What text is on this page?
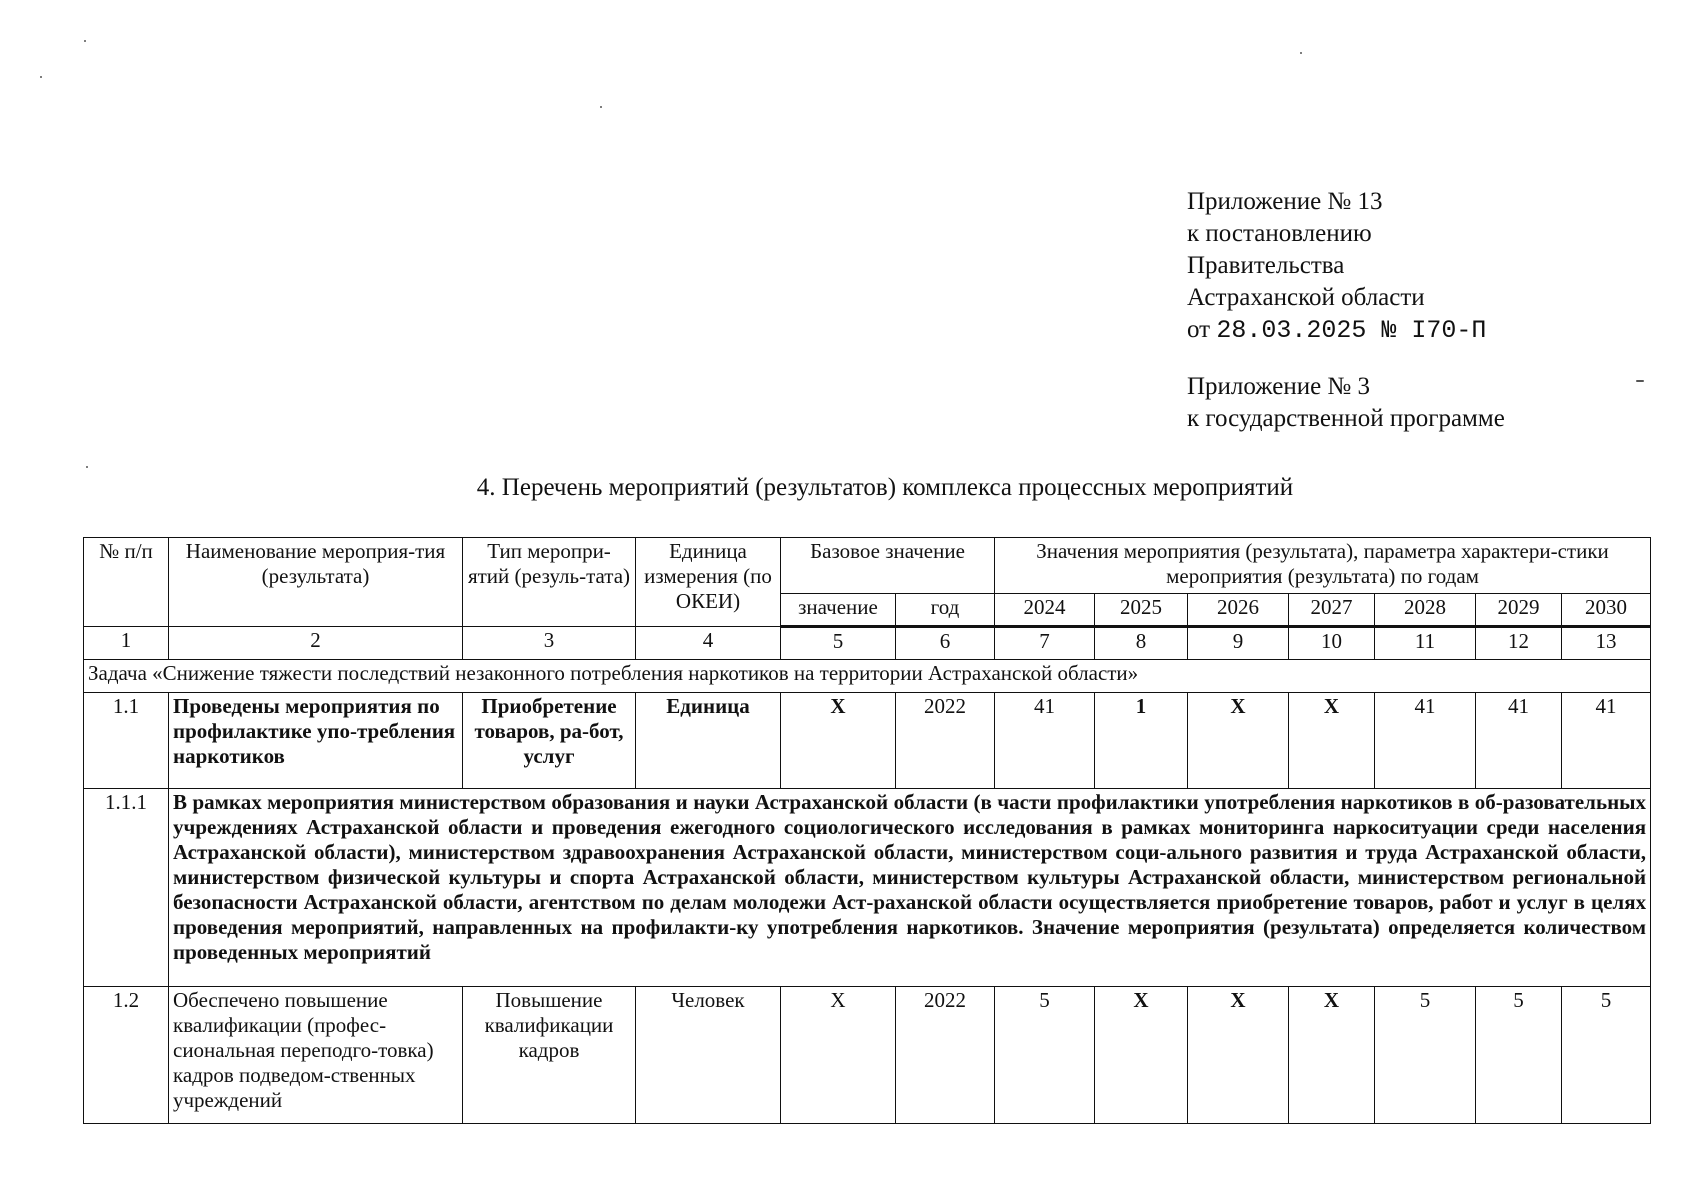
Приложение № 13
к постановлению
Правительства
Астраханской области
от 28.03.2025 № I70-П
Приложение № 3
к государственной программе
4. Перечень мероприятий (результатов) комплекса процессных мероприятий
№ п/п	Наименование мероприя-тия (результата)	Тип меропри-ятий (резуль-тата)	Единица измерения (по ОКЕИ)	Базовое значение		Значения мероприятия (результата), параметра характери-стики мероприятия (результата) по годам						
				значение	год	2024	2025	2026	2027	2028	2029	2030
1	2	3	4	5	6	7	8	9	10	11	12	13
Задача «Снижение тяжести последствий незаконного потребления наркотиков на территории Астраханской области»												
1.1	Проведены мероприятия по профилактике упо-требления наркотиков	Приобретение товаров, ра-бот, услуг	Единица	X	2022	41	1	X	X	41	41	41
1.1.1	В рамках мероприятия министерством образования и науки Астраханской области (в части профилактики употребления наркотиков в об-разовательных учреждениях Астраханской области и проведения ежегодного социологического исследования в рамках мониторинга наркоситуации среди населения Астраханской области), министерством здравоохранения Астраханской области, министерством соци-ального развития и труда Астраханской области, министерством физической культуры и спорта Астраханской области, министерством культуры Астраханской области, министерством региональной безопасности Астраханской области, агентством по делам молодежи Аст-раханской области осуществляется приобретение товаров, работ и услуг в целях проведения мероприятий, направленных на профилакти-ку употребления наркотиков. Значение мероприятия (результата) определяется количеством проведенных мероприятий											
1.2	Обеспечено повышение квалификации (профес-сиональная переподго-товка) кадров подведом-ственных учреждений	Повышение квалификации кадров	Человек	X	2022	5	X	X	X	5	5	5
